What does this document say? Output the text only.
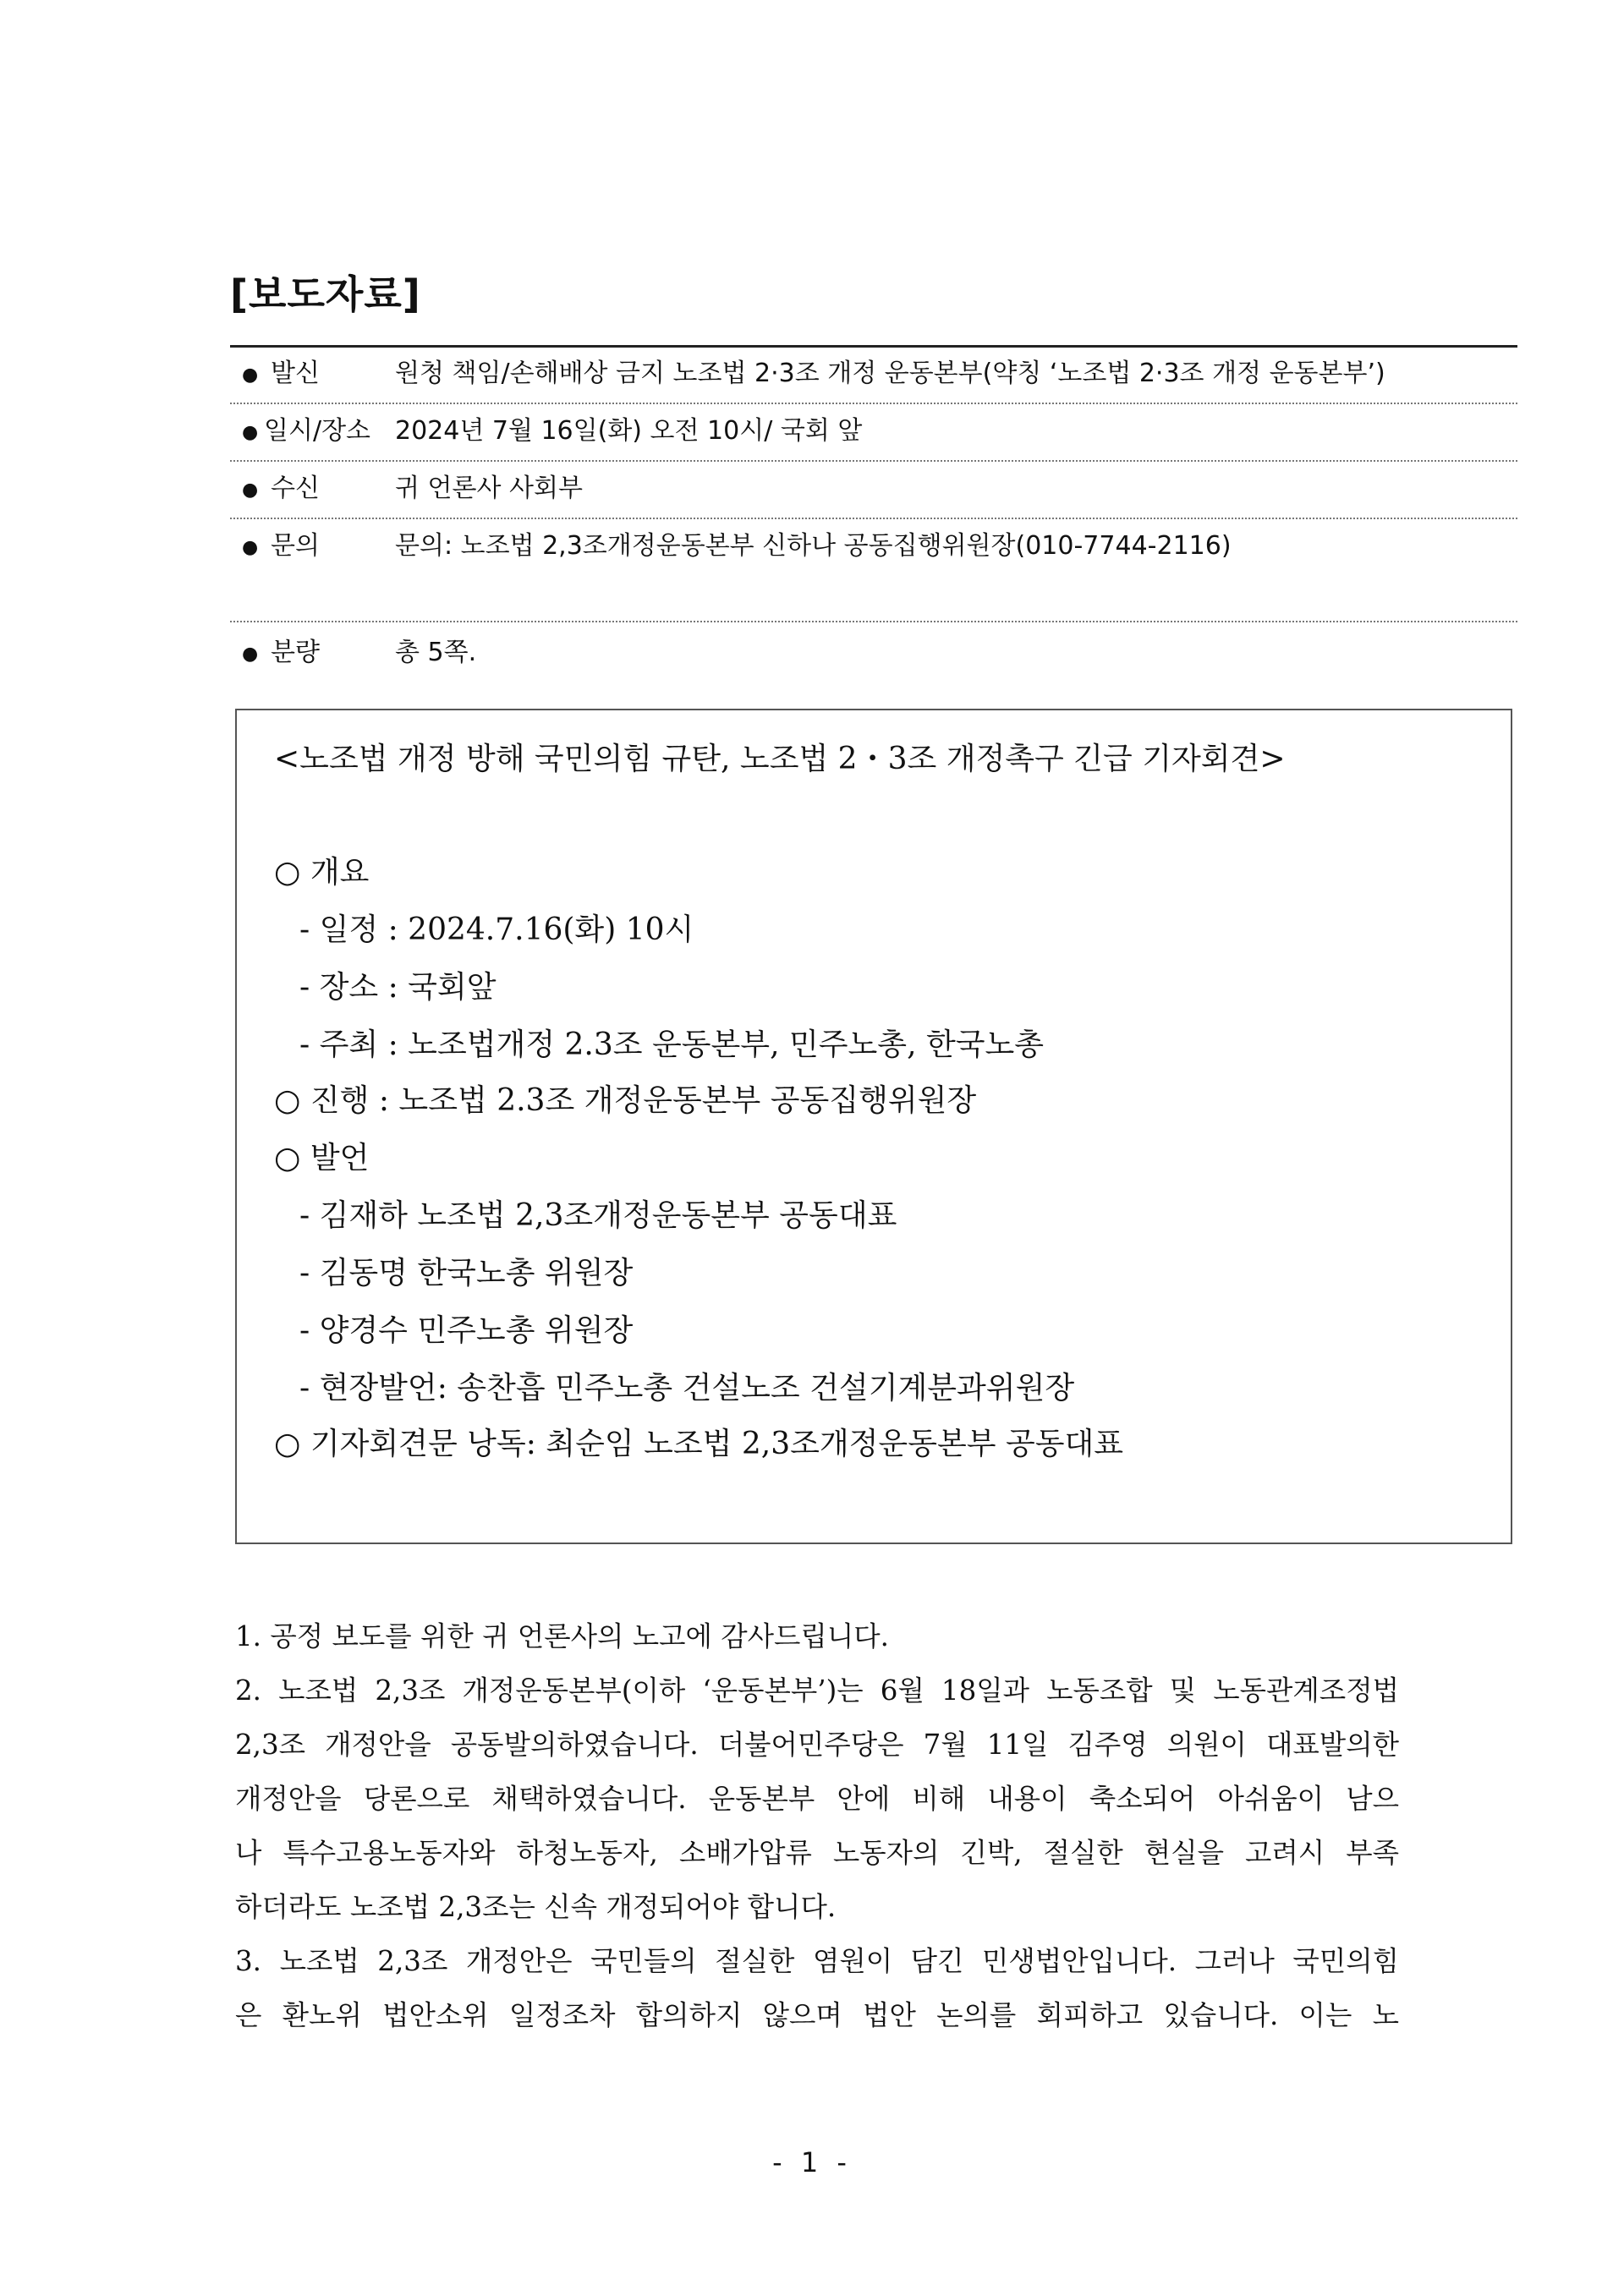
[보도자료]
● 발신	원청 책임/손해배상 금지 노조법 2·3조 개정 운동본부(약칭 ‘노조법 2·3조 개정 운동본부’)
● 일시/장소 2024년 7월 16일(화) 오전 10시/ 국회 앞
● 수신	귀 언론사 사회부
● 문의	문의: 노조법 2,3조개정운동본부 신하나 공동집행위원장(010-7744-2116)
● 분량	총 5쪽.
<노조법 개정 방해 국민의힘 규탄, 노조법 2・3조 개정촉구 긴급 기자회견>
○ 개요
- 일정 : 2024.7.16(화) 10시
- 장소 : 국회앞
- 주최 : 노조법개정 2.3조 운동본부, 민주노총, 한국노총
○ 진행 : 노조법 2.3조 개정운동본부 공동집행위원장
○ 발언
- 김재하 노조법 2,3조개정운동본부 공동대표
- 김동명 한국노총 위원장
- 양경수 민주노총 위원장
- 현장발언: 송찬흡 민주노총 건설노조 건설기계분과위원장
○ 기자회견문 낭독: 최순임 노조법 2,3조개정운동본부 공동대표
1. 공정 보도를 위한 귀 언론사의 노고에 감사드립니다.
2. 노조법 2,3조 개정운동본부(이하 ‘운동본부’)는 6월 18일과 노동조합 및 노동관계조정법
2,3조 개정안을 공동발의하였습니다. 더불어민주당은 7월 11일 김주영 의원이 대표발의한
개정안을 당론으로 채택하였습니다. 운동본부 안에 비해 내용이 축소되어 아쉬움이 남으
나 특수고용노동자와 하청노동자, 소배가압류 노동자의 긴박, 절실한 현실을 고려시 부족
하더라도 노조법 2,3조는 신속 개정되어야 합니다.
3. 노조법 2,3조 개정안은 국민들의 절실한 염원이 담긴 민생법안입니다. 그러나 국민의힘
은 환노위 법안소위 일정조차 합의하지 않으며 법안 논의를 회피하고 있습니다. 이는 노
- 1 -
